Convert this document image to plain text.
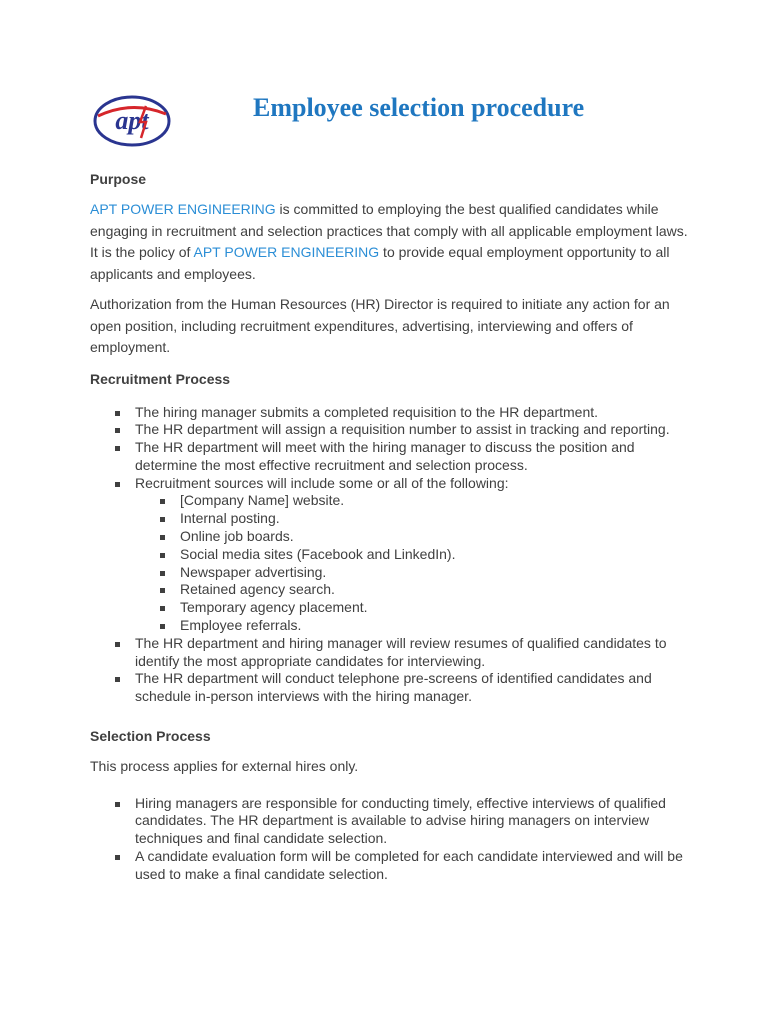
apt	Employee selection procedure
Purpose

APT POWER ENGINEERING is committed to employing the best qualified candidates while engaging in recruitment and selection practices that comply with all applicable employment laws. It is the policy of APT POWER ENGINEERING to provide equal employment opportunity to all applicants and employees.

Authorization from the Human Resources (HR) Director is required to initiate any action for an open position, including recruitment expenditures, advertising, interviewing and offers of employment.

Recruitment Process
The hiring manager submits a completed requisition to the HR department.
The HR department will assign a requisition number to assist in tracking and reporting.
The HR department will meet with the hiring manager to discuss the position and determine the most effective recruitment and selection process.
Recruitment sources will include some or all of the following:
[Company Name] website.
Internal posting.
Online job boards.
Social media sites (Facebook and LinkedIn).
Newspaper advertising.
Retained agency search.
Temporary agency placement.
Employee referrals.
The HR department and hiring manager will review resumes of qualified candidates to identify the most appropriate candidates for interviewing.
The HR department will conduct telephone pre-screens of identified candidates and schedule in-person interviews with the hiring manager.
Selection Process

This process applies for external hires only.

Hiring managers are responsible for conducting timely, effective interviews of qualified candidates. The HR department is available to advise hiring managers on interview techniques and final candidate selection.
A candidate evaluation form will be completed for each candidate interviewed and will be used to make a final candidate selection.
